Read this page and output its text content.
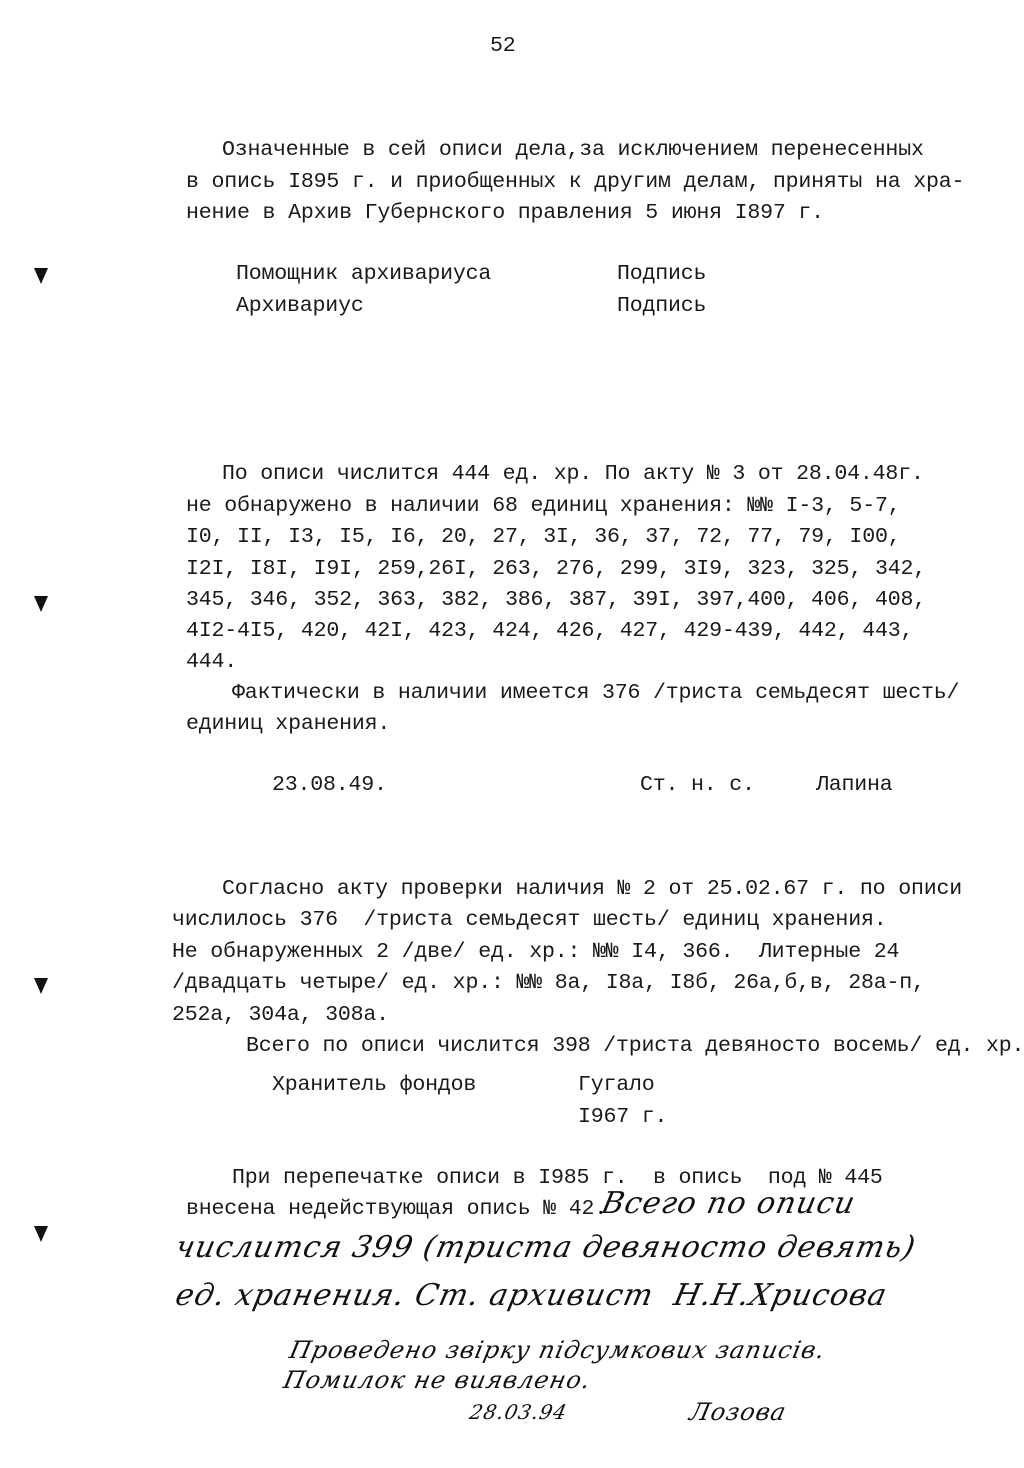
52
Означенные в сей описи дела,за исключением перенесенных
в опись I895 г. и приобщенных к другим делам, приняты на хра-
нение в Архив Губернского правления 5 июня I897 г.
Помощник архивариуса	Подпись
Архивариус	Подпись
По описи числится 444 ед. хр. По акту № 3 от 28.04.48г.
не обнаружено в наличии 68 единиц хранения: №№ I-3, 5-7,
I0, II, I3, I5, I6, 20, 27, 3I, 36, 37, 72, 77, 79, I00,
I2I, I8I, I9I, 259,26I, 263, 276, 299, 3I9, 323, 325, 342,
345, 346, 352, 363, 382, 386, 387, 39I, 397,400, 406, 408,
4I2-4I5, 420, 42I, 423, 424, 426, 427, 429-439, 442, 443,
444.
Фактически в наличии имеется 376 /триста семьдесят шесть/
единиц хранения.
23.08.49.	Ст. н. с.	Лапина
Согласно акту проверки наличия № 2 от 25.02.67 г. по описи
числилось 376  /триста семьдесят шесть/ единиц хранения.
Не обнаруженных 2 /две/ ед. хр.: №№ I4, 366.  Литерные 24
/двадцать четыре/ ед. хр.: №№ 8а, I8а, I8б, 26а,б,в, 28а-п,
252а, 304а, 308а.
Всего по описи числится 398 /триста девяносто восемь/ ед. хр.
Хранитель фондов	Гугало
I967 г.
При перепечатке описи в I985 г.  в опись  под № 445
внесена недействующая опись № 42.
Всего по описи
числится 399 (триста девяносто девять)
ед. хранения. Ст. архивист  Н.Н.Хрисова
Проведено звірку підсумкових записів.
Помилок не виявлено.
28.03.94	Лозова
